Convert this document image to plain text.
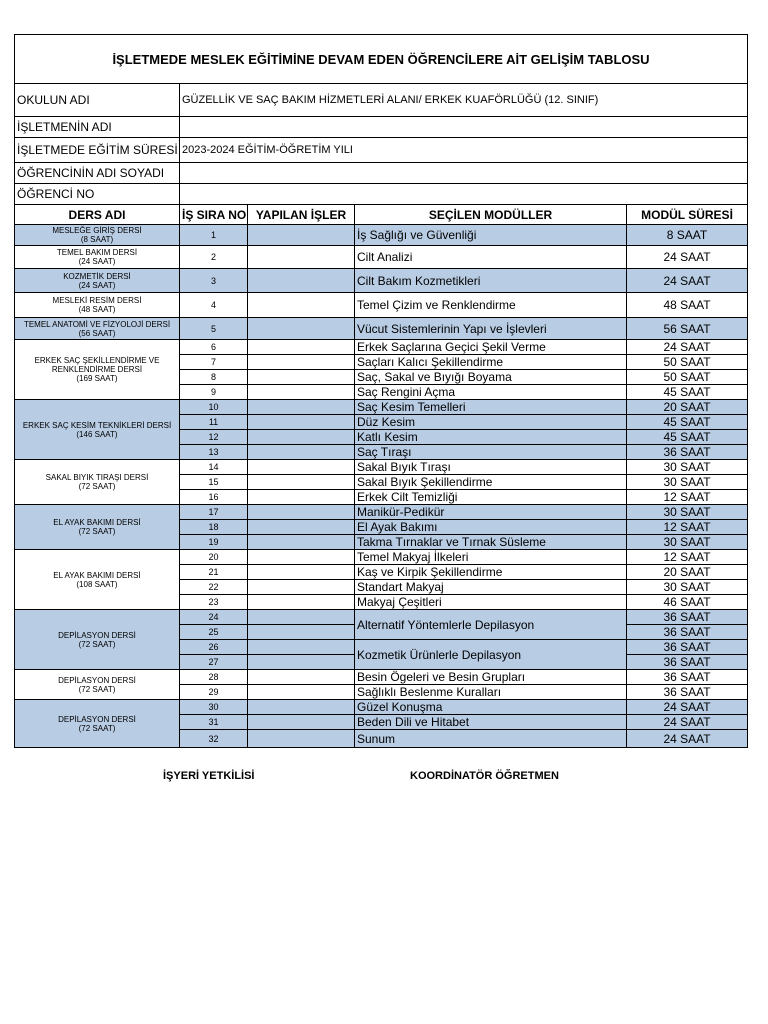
İŞLETMEDE MESLEK EĞİTİMİNE DEVAM EDEN ÖĞRENCİLERE AİT GELİŞİM TABLOSU				
OKULUN ADI	GÜZELLİK VE SAÇ BAKIM HİZMETLERİ ALANI/ ERKEK KUAFÖRLÜĞÜ (12. SINIF)			
İŞLETMENİN ADI				
İŞLETMEDE EĞİTİM SÜRESİ	2023-2024 EĞİTİM-ÖĞRETİM YILI			
ÖĞRENCİNİN ADI SOYADI				
ÖĞRENCİ NO				
DERS ADI	İŞ SIRA NO	YAPILAN İŞLER	SEÇİLEN MODÜLLER	MODÜL SÜRESİ

MESLEĞE GİRİŞ DERSİ
(8 SAAT)	1		İş Sağlığı ve Güvenliği	8 SAAT

TEMEL BAKIM DERSİ
(24 SAAT)	2		Cilt Analizi	24 SAAT

KOZMETİK DERSİ
(24 SAAT)	3		Cilt Bakım Kozmetikleri	24 SAAT

MESLEKİ RESİM DERSİ
(48 SAAT)	4		Temel Çizim ve Renklendirme	48 SAAT

TEMEL ANATOMİ VE FİZYOLOJİ DERSİ
(56 SAAT)	5		Vücut Sistemlerinin Yapı ve İşlevleri	56 SAAT

ERKEK SAÇ ŞEKİLLENDİRME VE RENKLENDİRME DERSİ
(169 SAAT)	6		Erkek Saçlarına Geçici Şekil Verme	24 SAAT
	7		Saçları Kalıcı Şekillendirme	50 SAAT
	8		Saç, Sakal ve Bıyığı Boyama	50 SAAT
	9		Saç Rengini Açma	45 SAAT

ERKEK SAÇ KESİM TEKNİKLERİ DERSİ
(146 SAAT)	10		Saç Kesim Temelleri	20 SAAT
	11		Düz Kesim	45 SAAT
	12		Katlı Kesim	45 SAAT
	13		Saç Tıraşı	36 SAAT

SAKAL BIYIK TIRAŞI DERSİ
(72 SAAT)	14		Sakal Bıyık Tıraşı	30 SAAT
	15		Sakal Bıyık Şekillendirme	30 SAAT
	16		Erkek Cilt Temizliği	12 SAAT

EL AYAK BAKIMI DERSİ
(72 SAAT)	17		Manikür-Pedikür	30 SAAT
	18		El Ayak Bakımı	12 SAAT
	19		Takma Tırnaklar ve Tırnak Süsleme	30 SAAT

EL AYAK BAKIMI DERSİ
(108 SAAT)	20		Temel Makyaj İlkeleri	12 SAAT
	21		Kaş ve Kirpik Şekillendirme	20 SAAT
	22		Standart Makyaj	30 SAAT
	23		Makyaj Çeşitleri	46 SAAT

DEPİLASYON DERSİ
(72 SAAT)	24		Alternatif Yöntemlerle Depilasyon	36 SAAT
	25			36 SAAT
	26		Kozmetik Ürünlerle Depilasyon	36 SAAT
	27			36 SAAT

DEPİLASYON DERSİ
(72 SAAT)	28		Besin Ögeleri ve Besin Grupları	36 SAAT
	29		Sağlıklı Beslenme Kuralları	36 SAAT

DEPİLASYON DERSİ
(72 SAAT)	30		Güzel Konuşma	24 SAAT
	31		Beden Dili ve Hitabet	24 SAAT
	32		Sunum	24 SAAT
İŞYERİ YETKİLİSİ	KOORDİNATÖR ÖĞRETMEN
